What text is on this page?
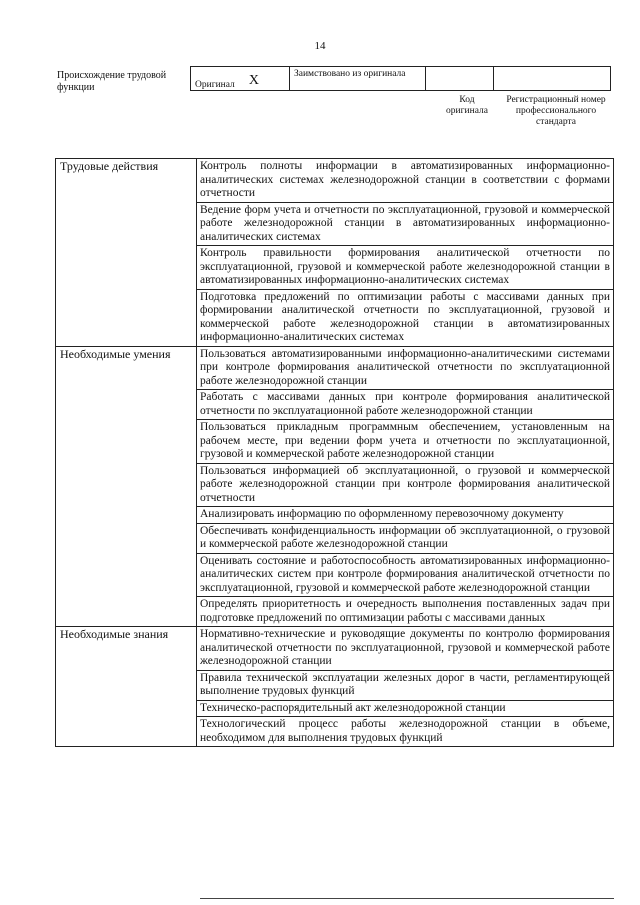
14
Происхождение трудовой функции	Оригинал X	Заимствовано из оригинала		
Код оригинала
Регистрационный номер профессионального стандарта
Трудовые действия	Контроль полноты информации в автоматизированных информационно-аналитических системах железнодорожной станции в соответствии с формами отчетности
	Ведение форм учета и отчетности по эксплуатационной, грузовой и коммерческой работе железнодорожной станции в автоматизированных информационно-аналитических системах
	Контроль правильности формирования аналитической отчетности по эксплуатационной, грузовой и коммерческой работе железнодорожной станции в автоматизированных информационно-аналитических системах
	Подготовка предложений по оптимизации работы с массивами данных при формировании аналитической отчетности по эксплуатационной, грузовой и коммерческой работе железнодорожной станции в автоматизированных информационно-аналитических системах
Необходимые умения	Пользоваться автоматизированными информационно-аналитическими системами при контроле формирования аналитической отчетности по эксплуатационной работе железнодорожной станции
	Работать с массивами данных при контроле формирования аналитической отчетности по эксплуатационной работе железнодорожной станции
	Пользоваться прикладным программным обеспечением, установленным на рабочем месте, при ведении форм учета и отчетности по эксплуатационной, грузовой и коммерческой работе железнодорожной станции
	Пользоваться информацией об эксплуатационной, о грузовой и коммерческой работе железнодорожной станции при контроле формирования аналитической отчетности
	Анализировать информацию по оформленному перевозочному документу
	Обеспечивать конфиденциальность информации об эксплуатационной, о грузовой и коммерческой работе железнодорожной станции
	Оценивать состояние и работоспособность автоматизированных информационно-аналитических систем при контроле формирования аналитической отчетности по эксплуатационной, грузовой и коммерческой работе железнодорожной станции
	Определять приоритетность и очередность выполнения поставленных задач при подготовке предложений по оптимизации работы с массивами данных
Необходимые знания	Нормативно-технические и руководящие документы по контролю формирования аналитической отчетности по эксплуатационной, грузовой и коммерческой работе железнодорожной станции
	Правила технической эксплуатации железных дорог в части, регламентирующей выполнение трудовых функций
	Техническо-распорядительный акт железнодорожной станции
	Технологический процесс работы железнодорожной станции в объеме, необходимом для выполнения трудовых функций
